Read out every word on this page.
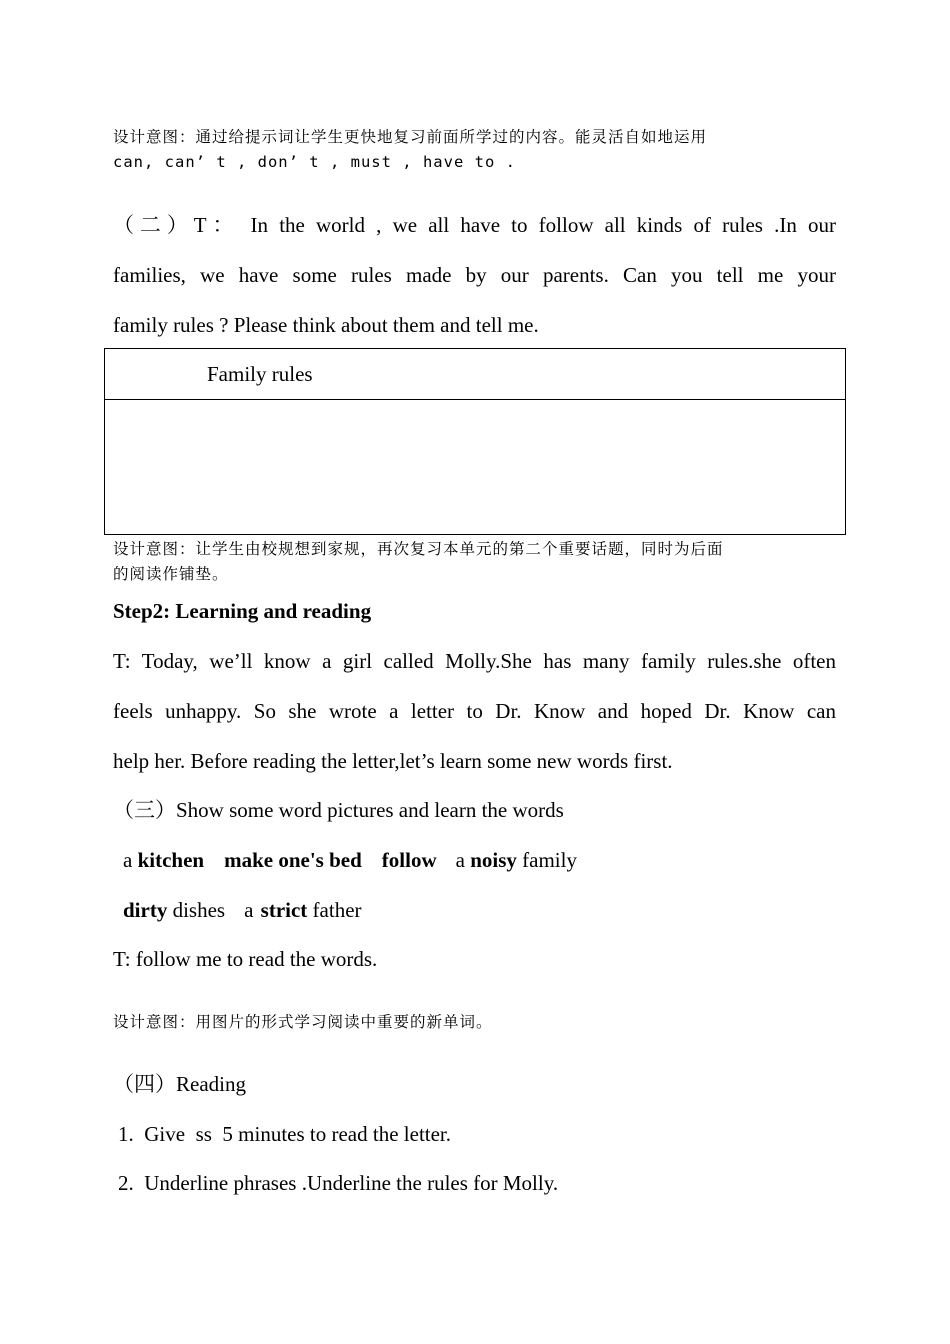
设计意图：通过给提示词让学生更快地复习前面所学过的内容。能灵活自如地运用
can, can’ t , don’ t , must , have to .
（二）T： In the world , we all have to follow all kinds of rules .In our
families, we have some rules made by our parents. Can you tell me your
family rules ? Please think about them and tell me.
Family rules

设计意图：让学生由校规想到家规，再次复习本单元的第二个重要话题，同时为后面
的阅读作铺垫。
Step2: Learning and reading
T: Today, we’ll know a girl called Molly.She has many family rules.she often
feels unhappy. So she wrote a letter to Dr. Know and hoped Dr. Know can
help her. Before reading the letter,let’s learn some new words first.
（三）Show some word pictures and learn the words
a kitchen make one's bed follow a noisy family
dirty dishes a strict father
T: follow me to read the words.
设计意图：用图片的形式学习阅读中重要的新单词。
（四）Reading
1.  Give  ss  5 minutes to read the letter.
2.  Underline phrases .Underline the rules for Molly.
